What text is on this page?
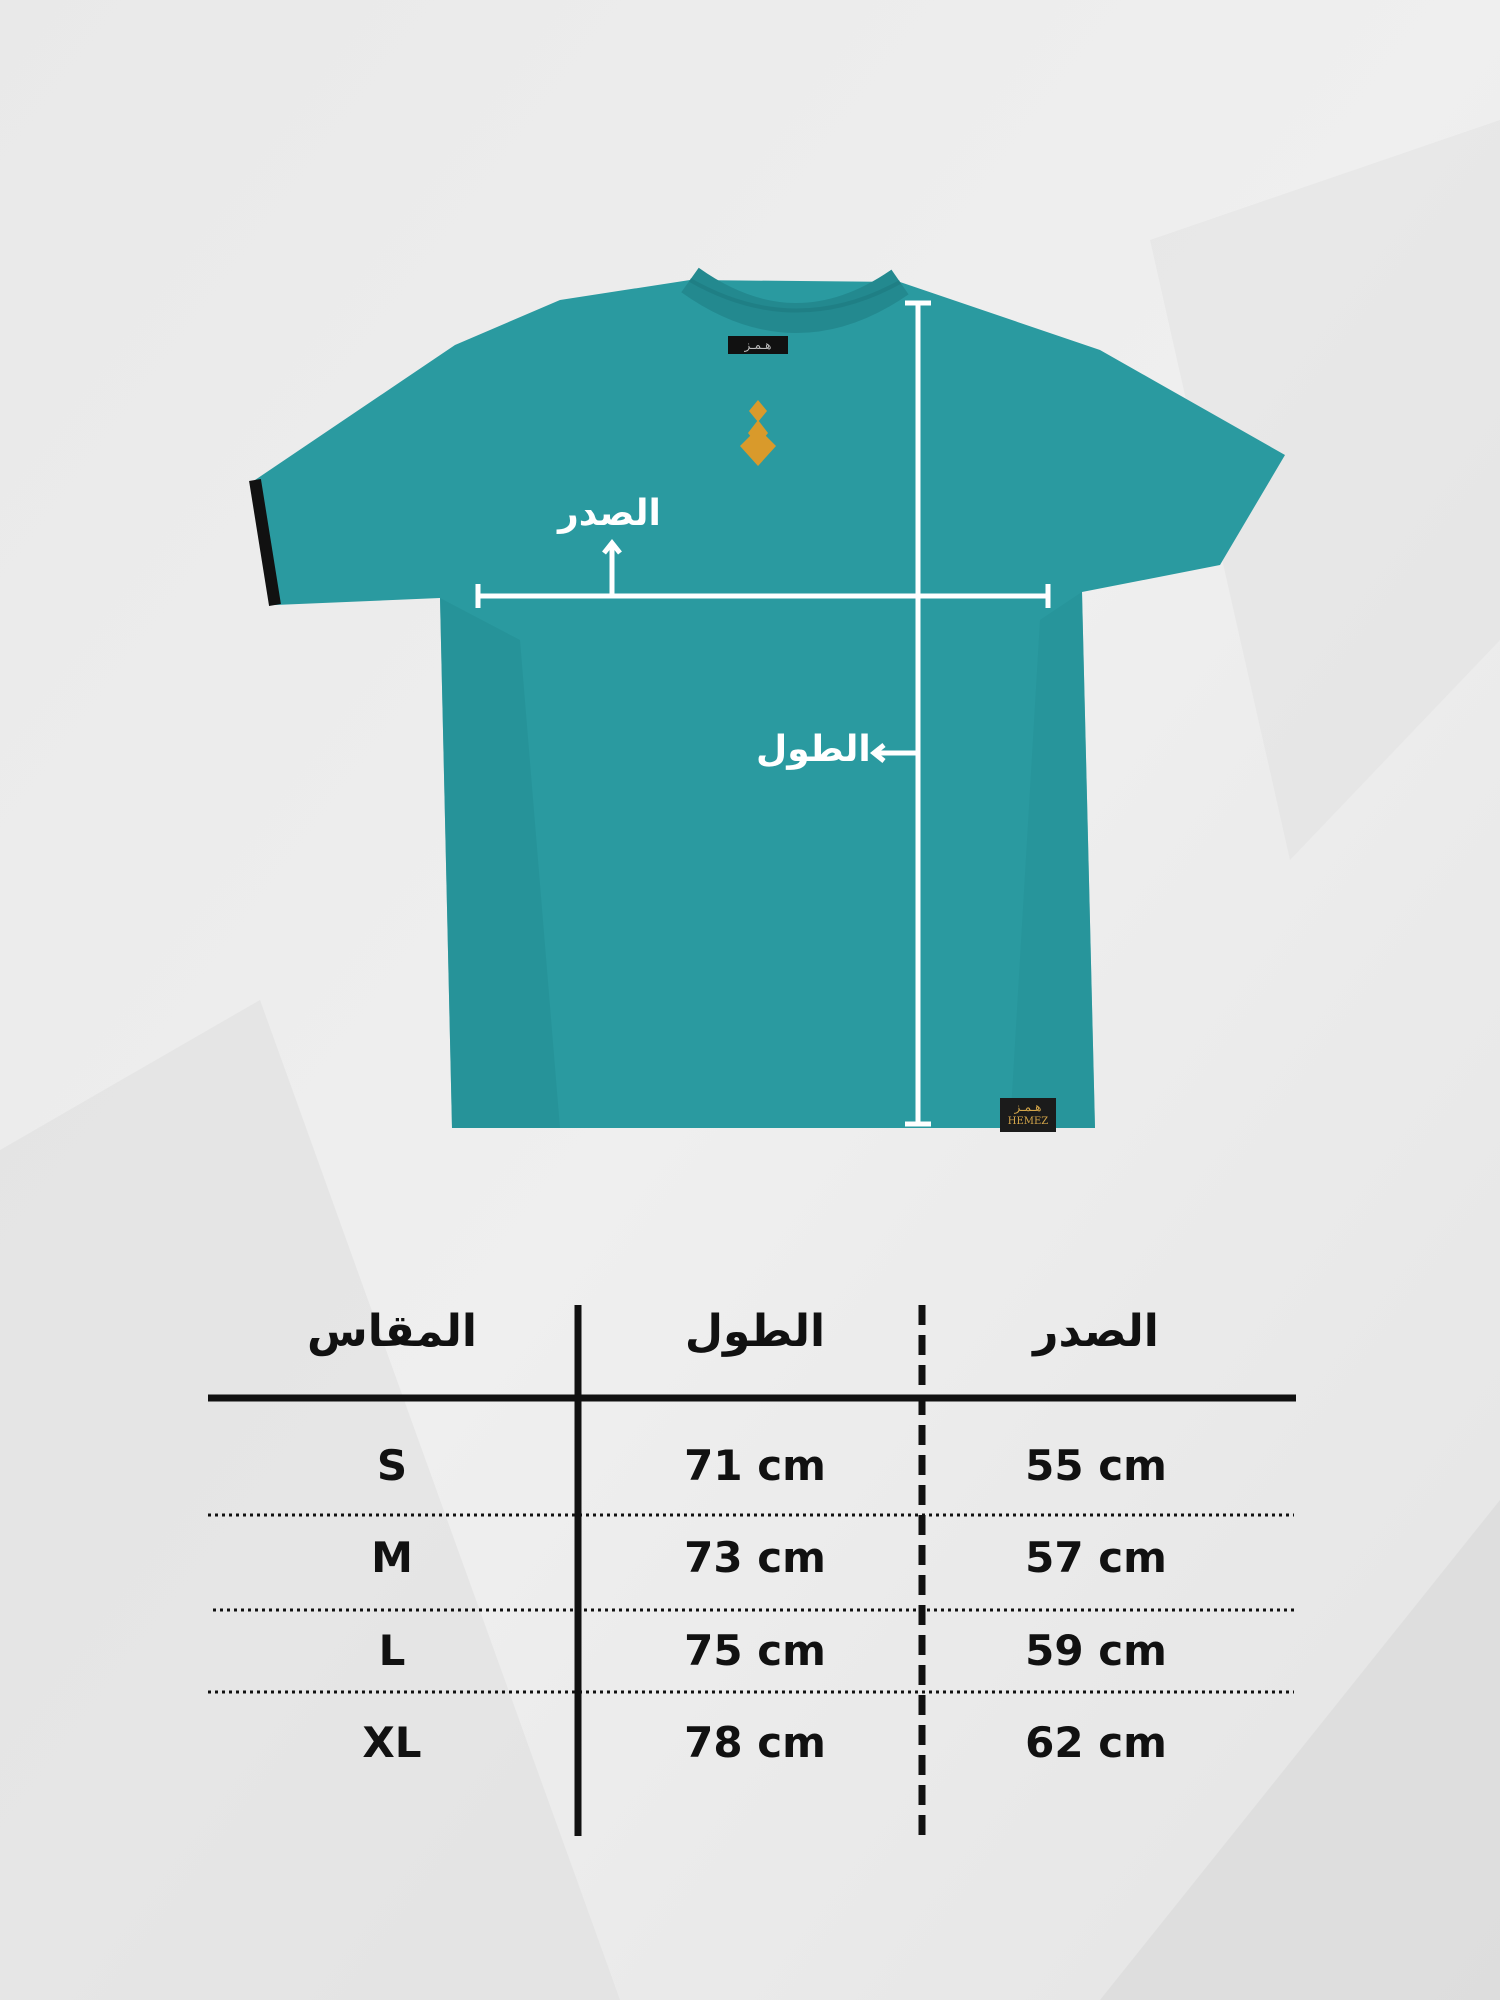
الصدر
الطول
هـمـز
هـمـز
HEMEZ
المقاس	الطول	الصدر
S	71 cm	55 cm
M	73 cm	57 cm
L	75 cm	59 cm
XL	78 cm	62 cm
